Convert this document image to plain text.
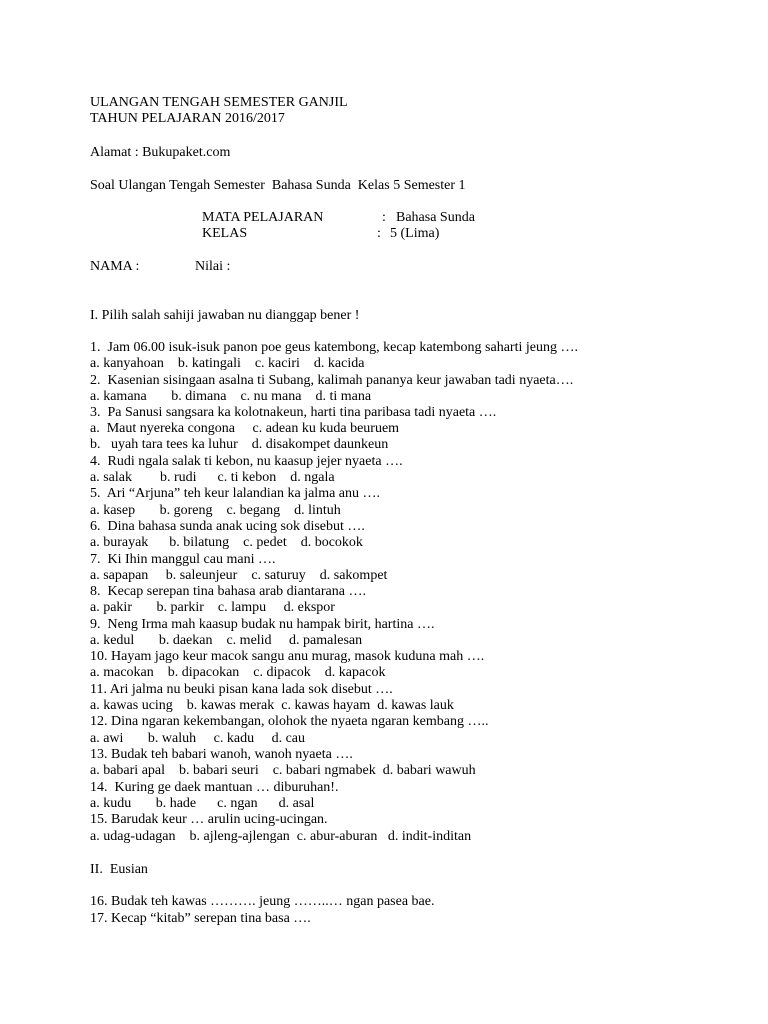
ULANGAN TENGAH SEMESTER GANJIL
TAHUN PELAJARAN 2016/2017
Alamat : Bukupaket.com
Soal Ulangan Tengah Semester  Bahasa Sunda  Kelas 5 Semester 1
MATA PELAJARAN	: Bahasa Sunda
KELAS	: 5 (Lima)
NAMA :	Nilai :
I. Pilih salah sahiji jawaban nu dianggap bener !
1.  Jam 06.00 isuk-isuk panon poe geus katembong, kecap katembong saharti jeung ….
a. kanyahoan    b. katingali    c. kaciri    d. kacida
2.  Kasenian sisingaan asalna ti Subang, kalimah pananya keur jawaban tadi nyaeta….
a. kamana       b. dimana    c. nu mana    d. ti mana
3.  Pa Sanusi sangsara ka kolotnakeun, harti tina paribasa tadi nyaeta ….
a.  Maut nyereka congona     c. adean ku kuda beuruem
b.   uyah tara tees ka luhur    d. disakompet daunkeun
4.  Rudi ngala salak ti kebon, nu kaasup jejer nyaeta ….
a. salak        b. rudi      c. ti kebon    d. ngala
5.  Ari “Arjuna” teh keur lalandian ka jalma anu ….
a. kasep       b. goreng    c. begang    d. lintuh
6.  Dina bahasa sunda anak ucing sok disebut ….
a. burayak      b. bilatung    c. pedet    d. bocokok
7.  Ki Ihin manggul cau mani ….
a. sapapan     b. saleunjeur    c. saturuy    d. sakompet
8.  Kecap serepan tina bahasa arab diantarana ….
a. pakir       b. parkir    c. lampu     d. ekspor
9.  Neng Irma mah kaasup budak nu hampak birit, hartina ….
a. kedul       b. daekan    c. melid     d. pamalesan
10. Hayam jago keur macok sangu anu murag, masok kuduna mah ….
a. macokan    b. dipacokan    c. dipacok    d. kapacok
11. Ari jalma nu beuki pisan kana lada sok disebut ….
a. kawas ucing    b. kawas merak  c. kawas hayam  d. kawas lauk
12. Dina ngaran kekembangan, olohok the nyaeta ngaran kembang …..
a. awi       b. waluh     c. kadu     d. cau
13. Budak teh babari wanoh, wanoh nyaeta ….
a. babari apal    b. babari seuri    c. babari ngmabek  d. babari wawuh
14.  Kuring ge daek mantuan … diburuhan!.
a. kudu       b. hade      c. ngan      d. asal
15. Barudak keur … arulin ucing-ucingan.
a. udag-udagan    b. ajleng-ajlengan  c. abur-aburan   d. indit-inditan
II.  Eusian
16. Budak teh kawas ………. jeung ……..… ngan pasea bae.
17. Kecap “kitab” serepan tina basa ….
